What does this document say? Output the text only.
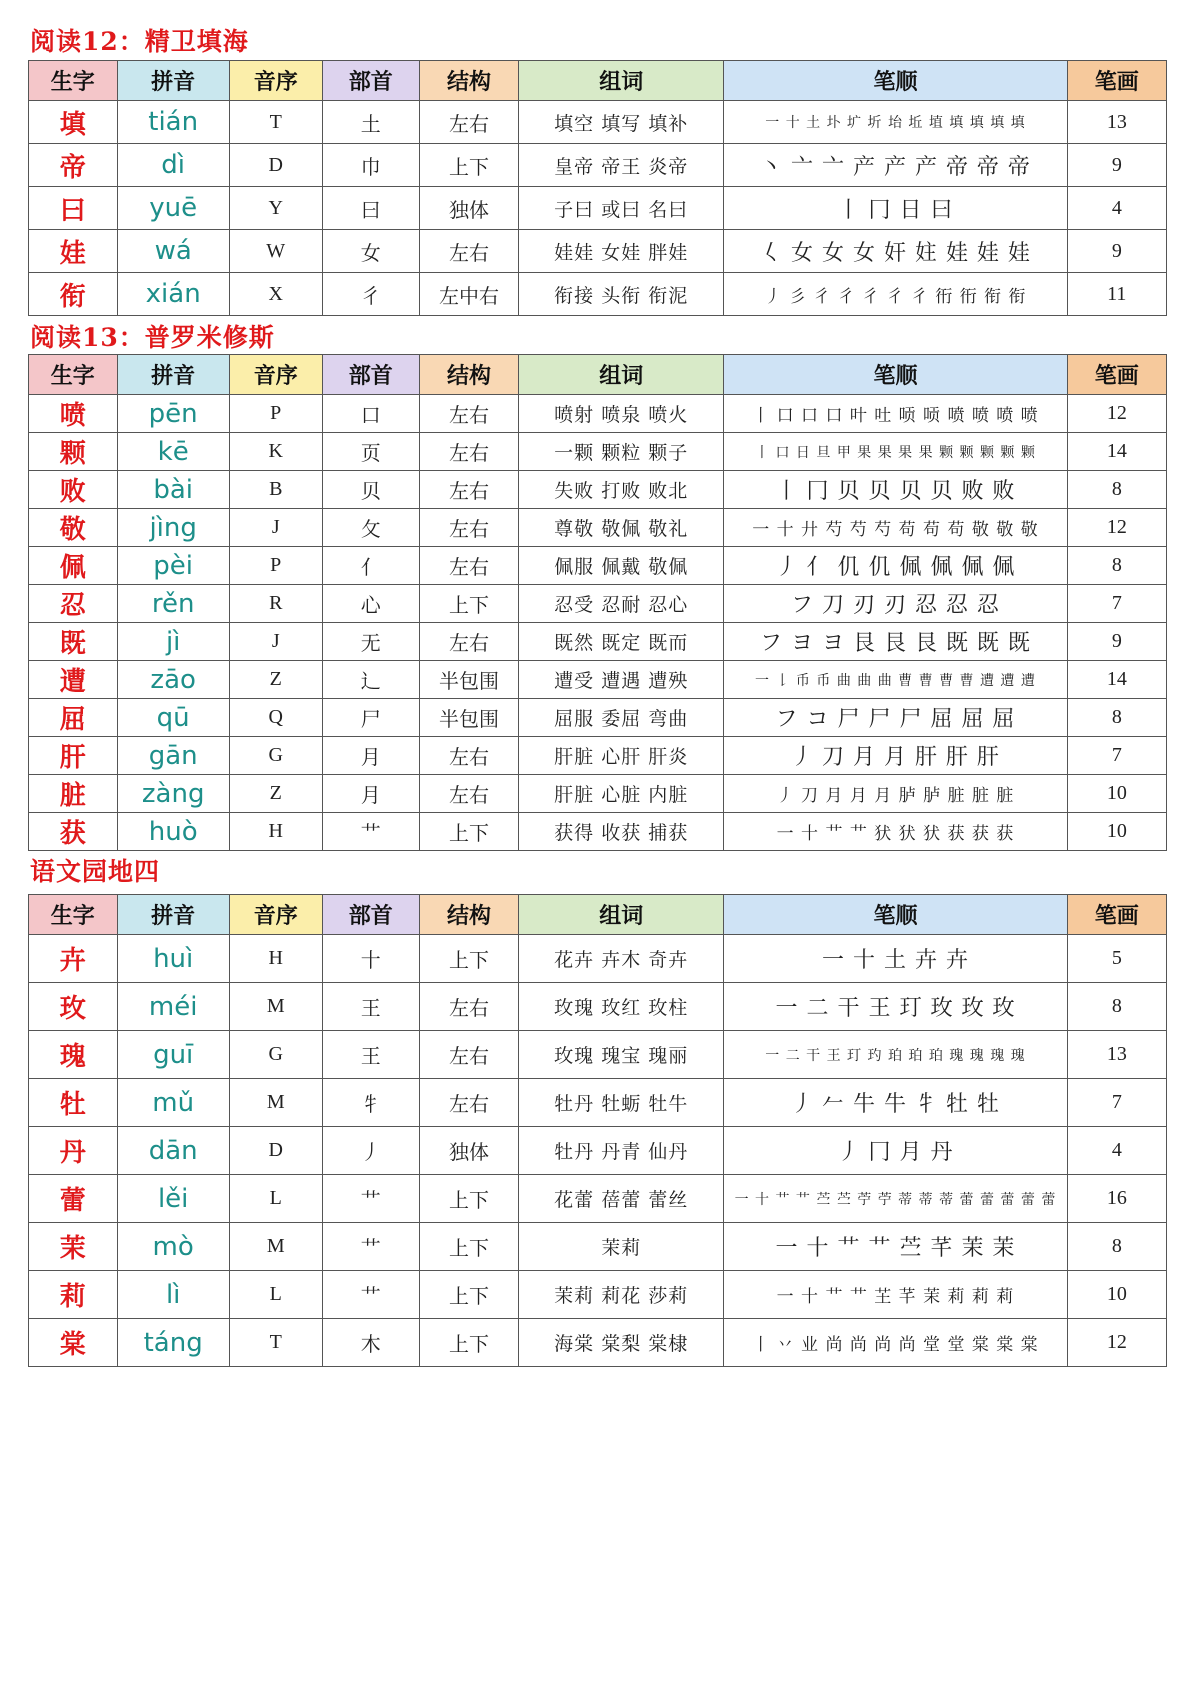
阅读12：精卫填海
生字	拼音	音序	部首	结构	组词	笔顺	笔画
填	tián	T	土	左右	填空 填写 填补	一 十 土 圤 圹 圻 坮 坵 埴 填 填 填 填	13
帝	dì	D	巾	上下	皇帝 帝王 炎帝	丶 亠 亠 产 产 产 帝 帝 帝	9
曰	yuē	Y	曰	独体	子曰 或曰 名曰	丨 冂 日 曰	4
娃	wá	W	女	左右	娃娃 女娃 胖娃	𡿨 女 女 女 奸 妵 娃 娃 娃	9
衔	xián	X	彳	左中右	衔接 头衔 衔泥	丿 彡 彳 彳 彳 彳 彳 衎 衎 衔 衔	11
阅读13：普罗米修斯
生字	拼音	音序	部首	结构	组词	笔顺	笔画
喷	pēn	P	口	左右	喷射 喷泉 喷火	丨 口 口 口 叶 吐 唝 唝 喷 喷 喷 喷	12
颗	kē	K	页	左右	一颗 颗粒 颗子	丨 口 日 旦 甲 果 果 果 果 颗 颗 颗 颗 颗	14
败	bài	B	贝	左右	失败 打败 败北	丨 冂 贝 贝 贝 贝 败 败	8
敬	jìng	J	攵	左右	尊敬 敬佩 敬礼	一 十 廾 芍 芍 芍 苟 苟 苟 敬 敬 敬	12
佩	pèi	P	亻	左右	佩服 佩戴 敬佩	丿 亻 仉 仉 佩 佩 佩 佩	8
忍	rěn	R	心	上下	忍受 忍耐 忍心	フ 刀 刃 刃 忍 忍 忍	7
既	jì	J	无	左右	既然 既定 既而	フ ヨ ヨ 艮 艮 艮 既 既 既	9
遭	zāo	Z	辶	半包围	遭受 遭遇 遭殃	一 𠄌 币 币 曲 曲 曲 曹 曹 曹 曹 遭 遭 遭	14
屈	qū	Q	尸	半包围	屈服 委屈 弯曲	フ コ 尸 尸 尸 屈 屈 屈	8
肝	gān	G	月	左右	肝脏 心肝 肝炎	丿 刀 月 月 肝 肝 肝	7
脏	zàng	Z	月	左右	肝脏 心脏 内脏	丿 刀 月 月 月 胪 胪 脏 脏 脏	10
获	huò	H	艹	上下	获得 收获 捕获	一 十 艹 艹 犾 犾 犾 获 获 获	10
语文园地四
生字	拼音	音序	部首	结构	组词	笔顺	笔画
卉	huì	H	十	上下	花卉 卉木 奇卉	一 十 土 卉 卉	5
玫	méi	M	王	左右	玫瑰 玫红 玫柱	一 二 干 王 玎 玫 玫 玫	8
瑰	guī	G	王	左右	玫瑰 瑰宝 瑰丽	一 二 干 王 玎 玓 珀 珀 珀 瑰 瑰 瑰 瑰	13
牡	mǔ	M	牜	左右	牡丹 牡蛎 牡牛	丿 𠂉 牛 牛 牜 牡 牡	7
丹	dān	D	丿	独体	牡丹 丹青 仙丹	丿 冂 月 丹	4
蕾	lěi	L	艹	上下	花蕾 蓓蕾 蕾丝	一 十 艹 艹 苎 苎 苧 苧 蒂 蒂 蒂 蕾 蕾 蕾 蕾 蕾	16
茉	mò	M	艹	上下	茉莉	一 十 艹 艹 苎 芊 茉 茉	8
莉	lì	L	艹	上下	茉莉 莉花 莎莉	一 十 艹 艹 芏 芊 茉 莉 莉 莉	10
棠	táng	T	木	上下	海棠 棠梨 棠棣	丨 丷 业 尚 尚 尚 尚 堂 堂 棠 棠 棠	12
